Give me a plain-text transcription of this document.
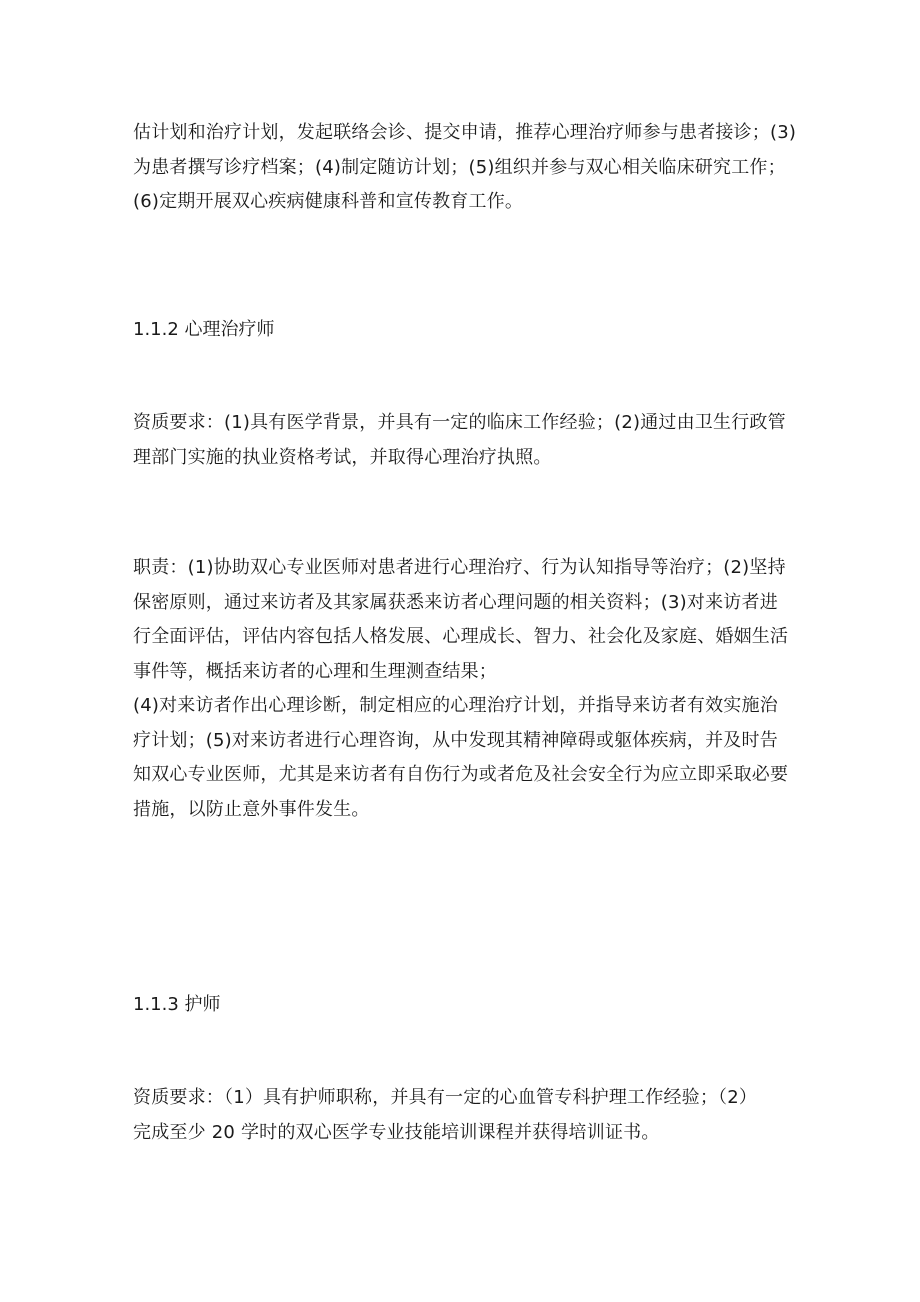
估计划和治疗计划，发起联络会诊、提交申请，推荐心理治疗师参与患者接诊；(3)
为患者撰写诊疗档案；(4)制定随访计划；(5)组织并参与双心相关临床研究工作；
(6)定期开展双心疾病健康科普和宣传教育工作。

1.1.2 心理治疗师

资质要求：(1)具有医学背景，并具有一定的临床工作经验；(2)通过由卫生行政管
理部门实施的执业资格考试，并取得心理治疗执照。

职责：(1)协助双心专业医师对患者进行心理治疗、行为认知指导等治疗；(2)坚持
保密原则，通过来访者及其家属获悉来访者心理问题的相关资料；(3)对来访者进
行全面评估，评估内容包括人格发展、心理成长、智力、社会化及家庭、婚姻生活
事件等，概括来访者的心理和生理测查结果；
(4)对来访者作出心理诊断，制定相应的心理治疗计划，并指导来访者有效实施治
疗计划；(5)对来访者进行心理咨询，从中发现其精神障碍或躯体疾病，并及时告
知双心专业医师，尤其是来访者有自伤行为或者危及社会安全行为应立即采取必要
措施，以防止意外事件发生。

1.1.3 护师

资质要求：（1）具有护师职称，并具有一定的心血管专科护理工作经验；（2）
完成至少 20 学时的双心医学专业技能培训课程并获得培训证书。
